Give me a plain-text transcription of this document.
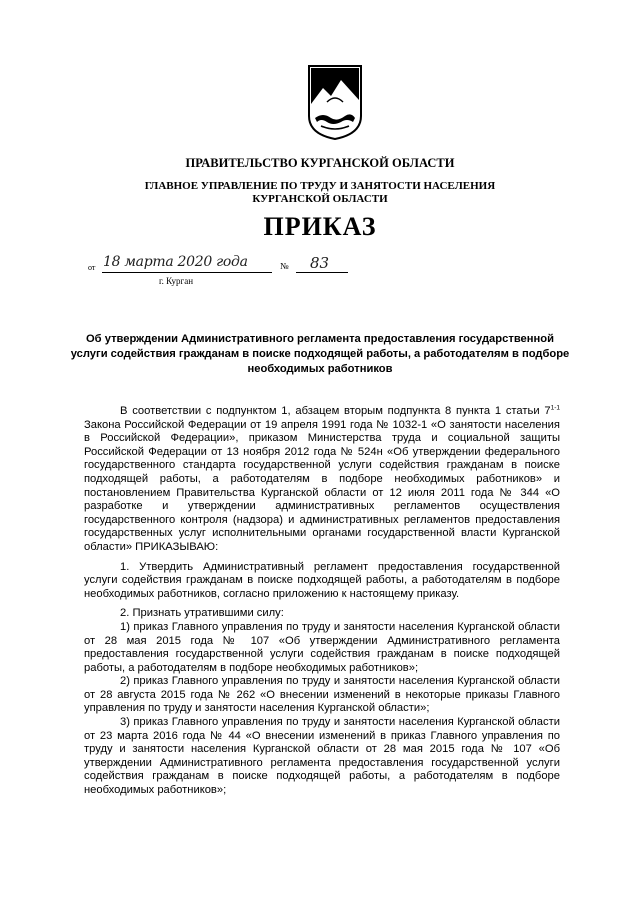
ПРАВИТЕЛЬСТВО КУРГАНСКОЙ ОБЛАСТИ
ГЛАВНОЕ УПРАВЛЕНИЕ ПО ТРУДУ И ЗАНЯТОСТИ НАСЕЛЕНИЯ
КУРГАНСКОЙ ОБЛАСТИ
ПРИКАЗ
от 18 марта 2020 года	№ 83
г. Курган
Об утверждении Административного регламента предоставления государственной услуги содействия гражданам в поиске подходящей работы, а работодателям в подборе необходимых работников

В соответствии с подпунктом 1, абзацем вторым подпункта 8 пункта 1 статьи 7$^{1-1}$ Закона Российской Федерации от 19 апреля 1991 года № 1032-1 «О занятости населения в Российской Федерации», приказом Министерства труда и социальной защиты Российской Федерации от 13 ноября 2012 года № 524н «Об утверждении федерального государственного стандарта государственной услуги содействия гражданам в поиске подходящей работы, а работодателям в подборе необходимых работников» и постановлением Правительства Курганской области от 12 июля 2011 года № 344 «О разработке и утверждении административных регламентов осуществления государственного контроля (надзора) и административных регламентов предоставления государственных услуг исполнительными органами государственной власти Курганской области» ПРИКАЗЫВАЮ:

1. Утвердить Административный регламент предоставления государственной услуги содействия гражданам в поиске подходящей работы, а работодателям в подборе необходимых работников, согласно приложению к настоящему приказу.

2. Признать утратившими силу:

1) приказ Главного управления по труду и занятости населения Курганской области от 28 мая 2015 года № 107 «Об утверждении Административного регламента предоставления государственной услуги содействия гражданам в поиске подходящей работы, а работодателям в подборе необходимых работников»;

2) приказ Главного управления по труду и занятости населения Курганской области от 28 августа 2015 года № 262 «О внесении изменений в некоторые приказы Главного управления по труду и занятости населения Курганской области»;

3) приказ Главного управления по труду и занятости населения Курганской области от 23 марта 2016 года № 44 «О внесении изменений в приказ Главного управления по труду и занятости населения Курганской области от 28 мая 2015 года № 107 «Об утверждении Административного регламента предоставления государственной услуги содействия гражданам в поиске подходящей работы, а работодателям в подборе необходимых работников»;
